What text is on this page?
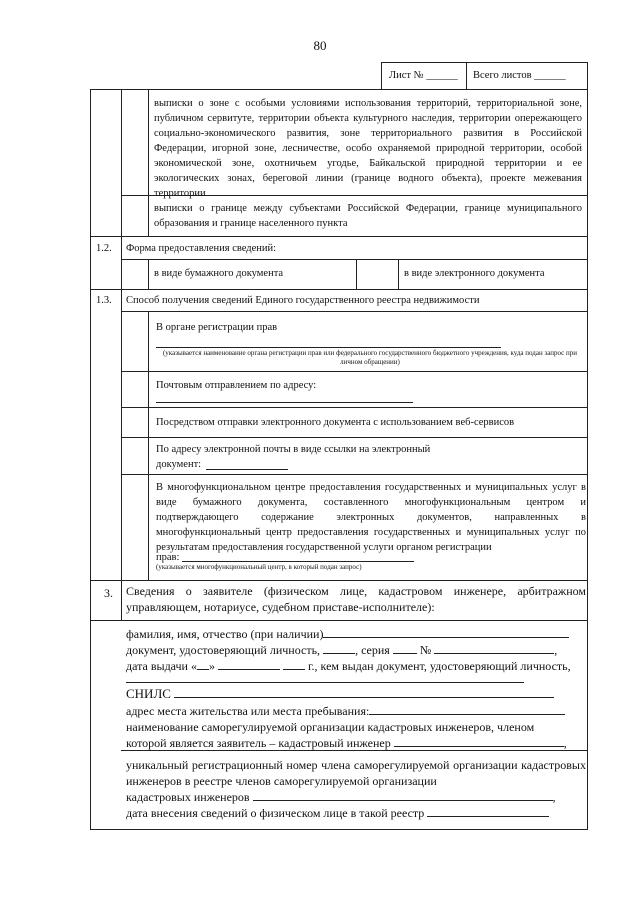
80
Лист № ______ Всего листов ______
выписки о зоне с особыми условиями использования территорий, территориальной зоне, публичном сервитуте, территории объекта культурного наследия, территории опережающего социально-экономического развития, зоне территориального развития в Российской Федерации, игорной зоне, лесничестве, особо охраняемой природной территории, особой экономической зоне, охотничьем угодье, Байкальской природной территории и ее экологических зонах, береговой линии (границе водного объекта), проекте межевания территории
выписки о границе между субъектами Российской Федерации, границе муниципального образования и границе населенного пункта
1.2. Форма предоставления сведений:
в виде бумажного документа	в виде электронного документа
1.3. Способ получения сведений Единого государственного реестра недвижимости
В органе регистрации прав
(указывается наименование органа регистрации прав или федерального государственного бюджетного учреждения, куда подан запрос при личном обращении)
Почтовым отправлением по адресу:
Посредством отправки электронного документа с использованием веб-сервисов
По адресу электронной почты в виде ссылки на электронный
документ:
В многофункциональном центре предоставления государственных и муниципальных услуг в виде бумажного документа, составленного многофункциональным центром и подтверждающего содержание электронных документов, направленных в многофункциональный центр предоставления государственных и муниципальных услуг по результатам предоставления государственной услуги органом регистрации
прав:
(указывается многофункциональный центр, в который подан запрос)
3. Сведения о заявителе (физическом лице, кадастровом инженере, арбитражном управляющем, нотариусе, судебном приставе-исполнителе):
фамилия, имя, отчество (при наличии)
документ, удостоверяющий личность,	, серия	№	,
дата выдачи « »	г., кем выдан документ, удостоверяющий личность,
СНИЛС
адрес места жительства или места пребывания:
наименование саморегулируемой организации кадастровых инженеров, членом
которой является заявитель – кадастровый инженер	,
уникальный регистрационный номер члена саморегулируемой организации кадастровых инженеров в реестре членов саморегулируемой организации
кадастровых инженеров	,
дата внесения сведений о физическом лице в такой реестр
